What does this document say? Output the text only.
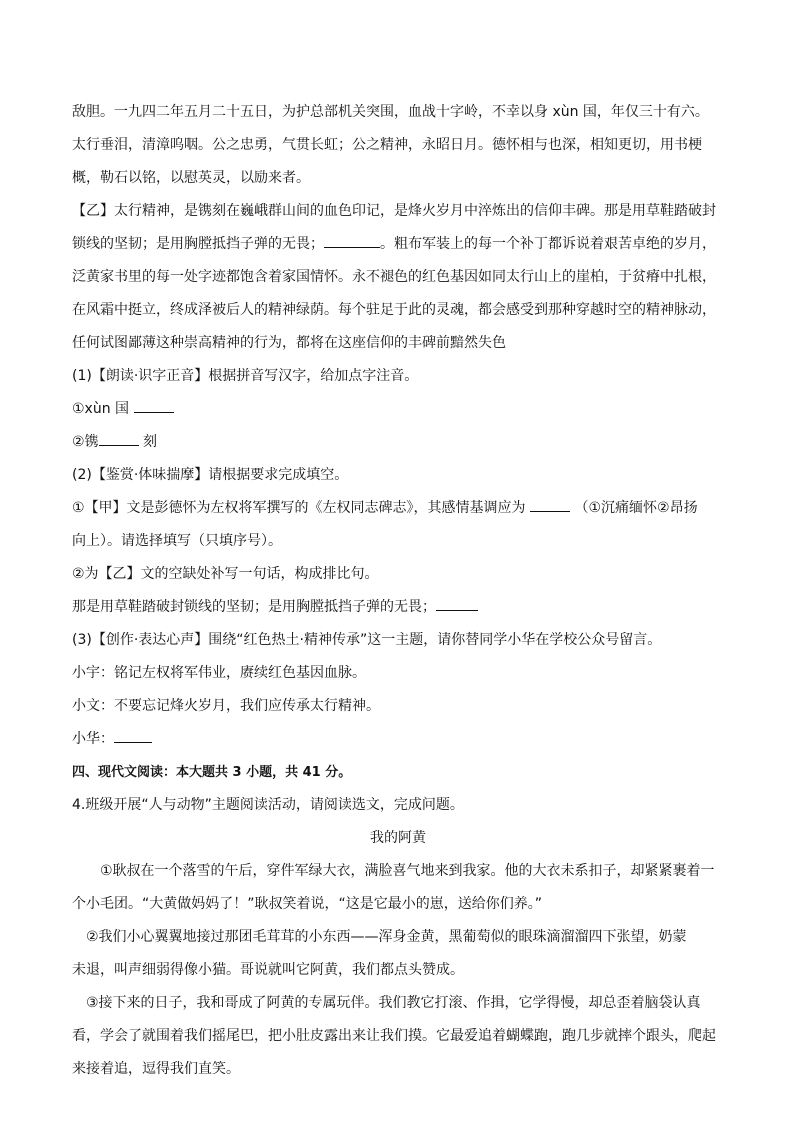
敌胆。一九四二年五月二十五日，为护总部机关突围，血战十字岭，不幸以身 xùn 国，年仅三十有六。
太行垂泪，清漳呜咽。公之忠勇，气贯长虹；公之精神，永昭日月。德怀相与也深，相知更切，用书梗
概，勒石以铭，以慰英灵，以励来者。
【乙】太行精神，是镌刻在巍峨群山间的血色印记，是烽火岁月中淬炼出的信仰丰碑。那是用草鞋踏破封
锁线的坚韧；是用胸膛抵挡子弹的无畏；	。粗布军装上的每一个补丁都诉说着艰苦卓绝的岁月，
泛黄家书里的每一处字迹都饱含着家国情怀。永不褪色的红色基因如同太行山上的崖柏，于贫瘠中扎根，
在风霜中挺立，终成泽被后人的精神绿荫。每个驻足于此的灵魂，都会感受到那种穿越时空的精神脉动，
任何试图鄙薄这种崇高精神的行为，都将在这座信仰的丰碑前黯然失色
(1)【朗读·识字正音】根据拼音写汉字，给加点字注音。
①xùn 国
②镌	刻
(2)【鉴赏·体味揣摩】请根据要求完成填空。
①【甲】文是彭德怀为左权将军撰写的《左权同志碑志》，其感情基调应为	（①沉痛缅怀②昂扬
向上）。请选择填写（只填序号）。
②为【乙】文的空缺处补写一句话，构成排比句。
那是用草鞋踏破封锁线的坚韧；是用胸膛抵挡子弹的无畏；
(3)【创作·表达心声】围绕“红色热土·精神传承”这一主题，请你替同学小华在学校公众号留言。
小宇：铭记左权将军伟业，赓续红色基因血脉。
小文：不要忘记烽火岁月，我们应传承太行精神。
小华：
四、现代文阅读：本大题共 3 小题，共 41 分。
4.班级开展“人与动物”主题阅读活动，请阅读选文，完成问题。
我的阿黄
①耿叔在一个落雪的午后，穿件军绿大衣，满脸喜气地来到我家。他的大衣未系扣子，却紧紧裹着一
个小毛团。“大黄做妈妈了！”耿叔笑着说，“这是它最小的崽，送给你们养。”
②我们小心翼翼地接过那团毛茸茸的小东西——浑身金黄，黑葡萄似的眼珠滴溜溜四下张望，奶蒙
未退，叫声细弱得像小猫。哥说就叫它阿黄，我们都点头赞成。
③接下来的日子，我和哥成了阿黄的专属玩伴。我们教它打滚、作揖，它学得慢，却总歪着脑袋认真
看，学会了就围着我们摇尾巴，把小肚皮露出来让我们摸。它最爱追着蝴蝶跑，跑几步就摔个跟头，爬起
来接着追，逗得我们直笑。
